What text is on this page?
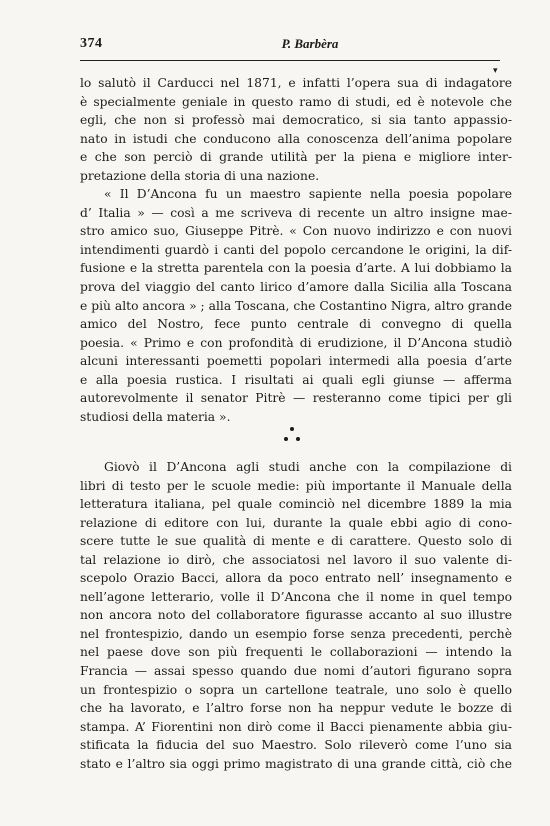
374	P. Barbèra
▾
lo salutò il Carducci nel 1871, e infatti l’opera sua di indagatore
è specialmente geniale in questo ramo di studi, ed è notevole che
egli, che non si professò mai democratico, si sia tanto appassio-
nato in istudi che conducono alla conoscenza dell’anima popolare
e che son perciò di grande utilità per la piena e migliore inter-
pretazione della storia di una nazione.
« Il D’Ancona fu un maestro sapiente nella poesia popolare
d’ Italia » — così a me scriveva di recente un altro insigne mae-
stro amico suo, Giuseppe Pitrè. « Con nuovo indirizzo e con nuovi
intendimenti guardò i canti del popolo cercandone le origini, la dif-
fusione e la stretta parentela con la poesia d’arte. A lui dobbiamo la
prova del viaggio del canto lirico d’amore dalla Sicilia alla Toscana
e più alto ancora » ; alla Toscana, che Costantino Nigra, altro grande
amico del Nostro, fece punto centrale di convegno di quella
poesia. « Primo e con profondità di erudizione, il D’Ancona studiò
alcuni interessanti poemetti popolari intermedi alla poesia d’arte
e alla poesia rustica. I risultati ai quali egli giunse — afferma
autorevolmente il senator Pitrè — resteranno come tipici per gli
studiosi della materia ».
Giovò il D’Ancona agli studi anche con la compilazione di
libri di testo per le scuole medie: più importante il Manuale della
letteratura italiana, pel quale cominciò nel dicembre 1889 la mia
relazione di editore con lui, durante la quale ebbi agio di cono-
scere tutte le sue qualità di mente e di carattere. Questo solo di
tal relazione io dirò, che associatosi nel lavoro il suo valente di-
scepolo Orazio Bacci, allora da poco entrato nell’ insegnamento e
nell’agone letterario, volle il D’Ancona che il nome in quel tempo
non ancora noto del collaboratore figurasse accanto al suo illustre
nel frontespizio, dando un esempio forse senza precedenti, perchè
nel paese dove son più frequenti le collaborazioni — intendo la
Francia — assai spesso quando due nomi d’autori figurano sopra
un frontespizio o sopra un cartellone teatrale, uno solo è quello
che ha lavorato, e l’altro forse non ha neppur vedute le bozze di
stampa. A’ Fiorentini non dirò come il Bacci pienamente abbia giu-
stificata la fiducia del suo Maestro. Solo rileverò come l’uno sia
stato e l’altro sia oggi primo magistrato di una grande città, ciò che
